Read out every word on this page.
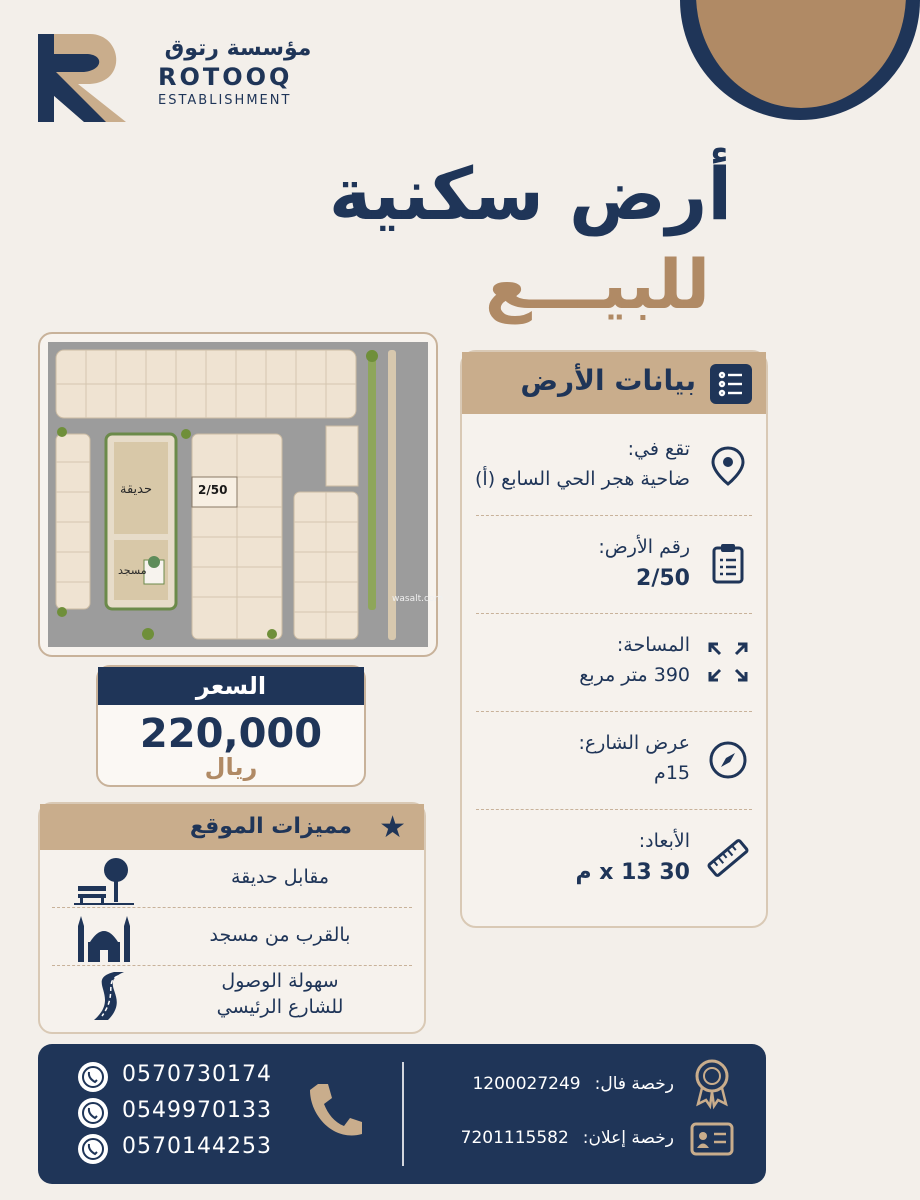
مؤسسة رتوق
ROTOOQ
ESTABLISHMENT
أرض سكنية
للبيـــع
حديقة
مسجد
2/50
wasalt.com
السعر
220,000
ريال
بيانات الأرض
تقع في:
ضاحية هجر الحي السابع (أ)
رقم الأرض:
2/50
المساحة:
390 متر مربع
عرض الشارع:
15م
الأبعاد:
30 x 13 م
مميزات الموقع ★
مقابل حديقة
بالقرب من مسجد
سهولة الوصول
للشارع الرئيسي
0570730174
0549970133
0570144253
رخصة فال:1200027249
رخصة إعلان:7201115582
